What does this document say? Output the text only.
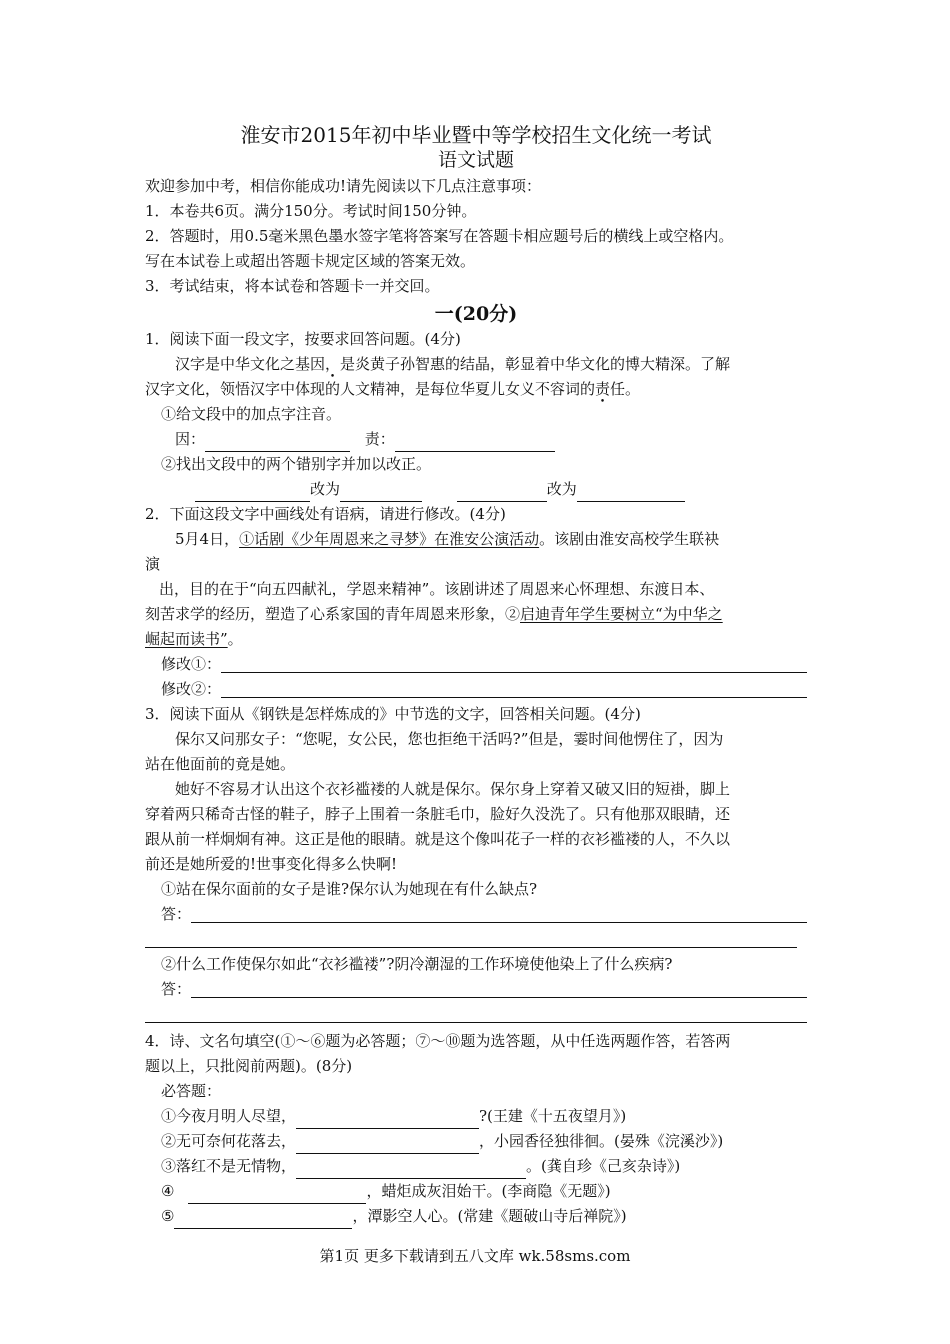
淮安市2015年初中毕业暨中等学校招生文化统一考试

语文试题

欢迎参加中考，相信你能成功!请先阅读以下几点注意事项：

1．本卷共6页。满分150分。考试时间150分钟。

2．答题时，用0.5毫米黑色墨水签字笔将答案写在答题卡相应题号后的横线上或空格内。

写在本试卷上或超出答题卡规定区域的答案无效。

3．考试结束，将本试卷和答题卡一并交回。

一(20分)

1．阅读下面一段文字，按要求回答问题。(4分)

汉字是中华文化之基因，是炎黄子孙智惠的结晶，彰显着中华文化的博大精深。了解

汉字文化，领悟汉字中体现的人文精神，是每位华夏儿女义不容词的责任。

①给文段中的加点字注音。

因：	责：

②找出文段中的两个错别字并加以改正。

改为	改为

2．下面这段文字中画线处有语病，请进行修改。(4分)

5月4日，①话剧《少年周恩来之寻梦》在淮安公演活动。该剧由淮安高校学生联袂

演

出，目的在于“向五四献礼，学恩来精神”。该剧讲述了周恩来心怀理想、东渡日本、

刻苦求学的经历，塑造了心系家国的青年周恩来形象，②启迪青年学生要树立“为中华之

崛起而读书”。

修改①：
修改②：

3．阅读下面从《钢铁是怎样炼成的》中节选的文字，回答相关问题。(4分)

保尔又问那女子：“您呢，女公民，您也拒绝干活吗?”但是，霎时间他愣住了，因为

站在他面前的竟是她。

她好不容易才认出这个衣衫褴褛的人就是保尔。保尔身上穿着又破又旧的短褂，脚上

穿着两只稀奇古怪的鞋子，脖子上围着一条脏毛巾，脸好久没洗了。只有他那双眼睛，还

跟从前一样炯炯有神。这正是他的眼睛。就是这个像叫花子一样的衣衫褴褛的人，不久以

前还是她所爱的!世事变化得多么快啊!

①站在保尔面前的女子是谁?保尔认为她现在有什么缺点?

答：

②什么工作使保尔如此“衣衫褴褛”?阴冷潮湿的工作环境使他染上了什么疾病?

答：

4．诗、文名句填空(①～⑥题为必答题；⑦～⑩题为选答题，从中任选两题作答，若答两

题以上，只批阅前两题)。(8分)

必答题：

①今夜月明人尽望，	?(王建《十五夜望月》)

②无可奈何花落去，	，小园香径独徘徊。(晏殊《浣溪沙》)

③落红不是无情物，	。(龚自珍《己亥杂诗》)

④	，蜡炬成灰泪始干。(李商隐《无题》)

⑤	，潭影空人心。(常建《题破山寺后禅院》)

第1页 更多下载请到五八文库 wk.58sms.com
